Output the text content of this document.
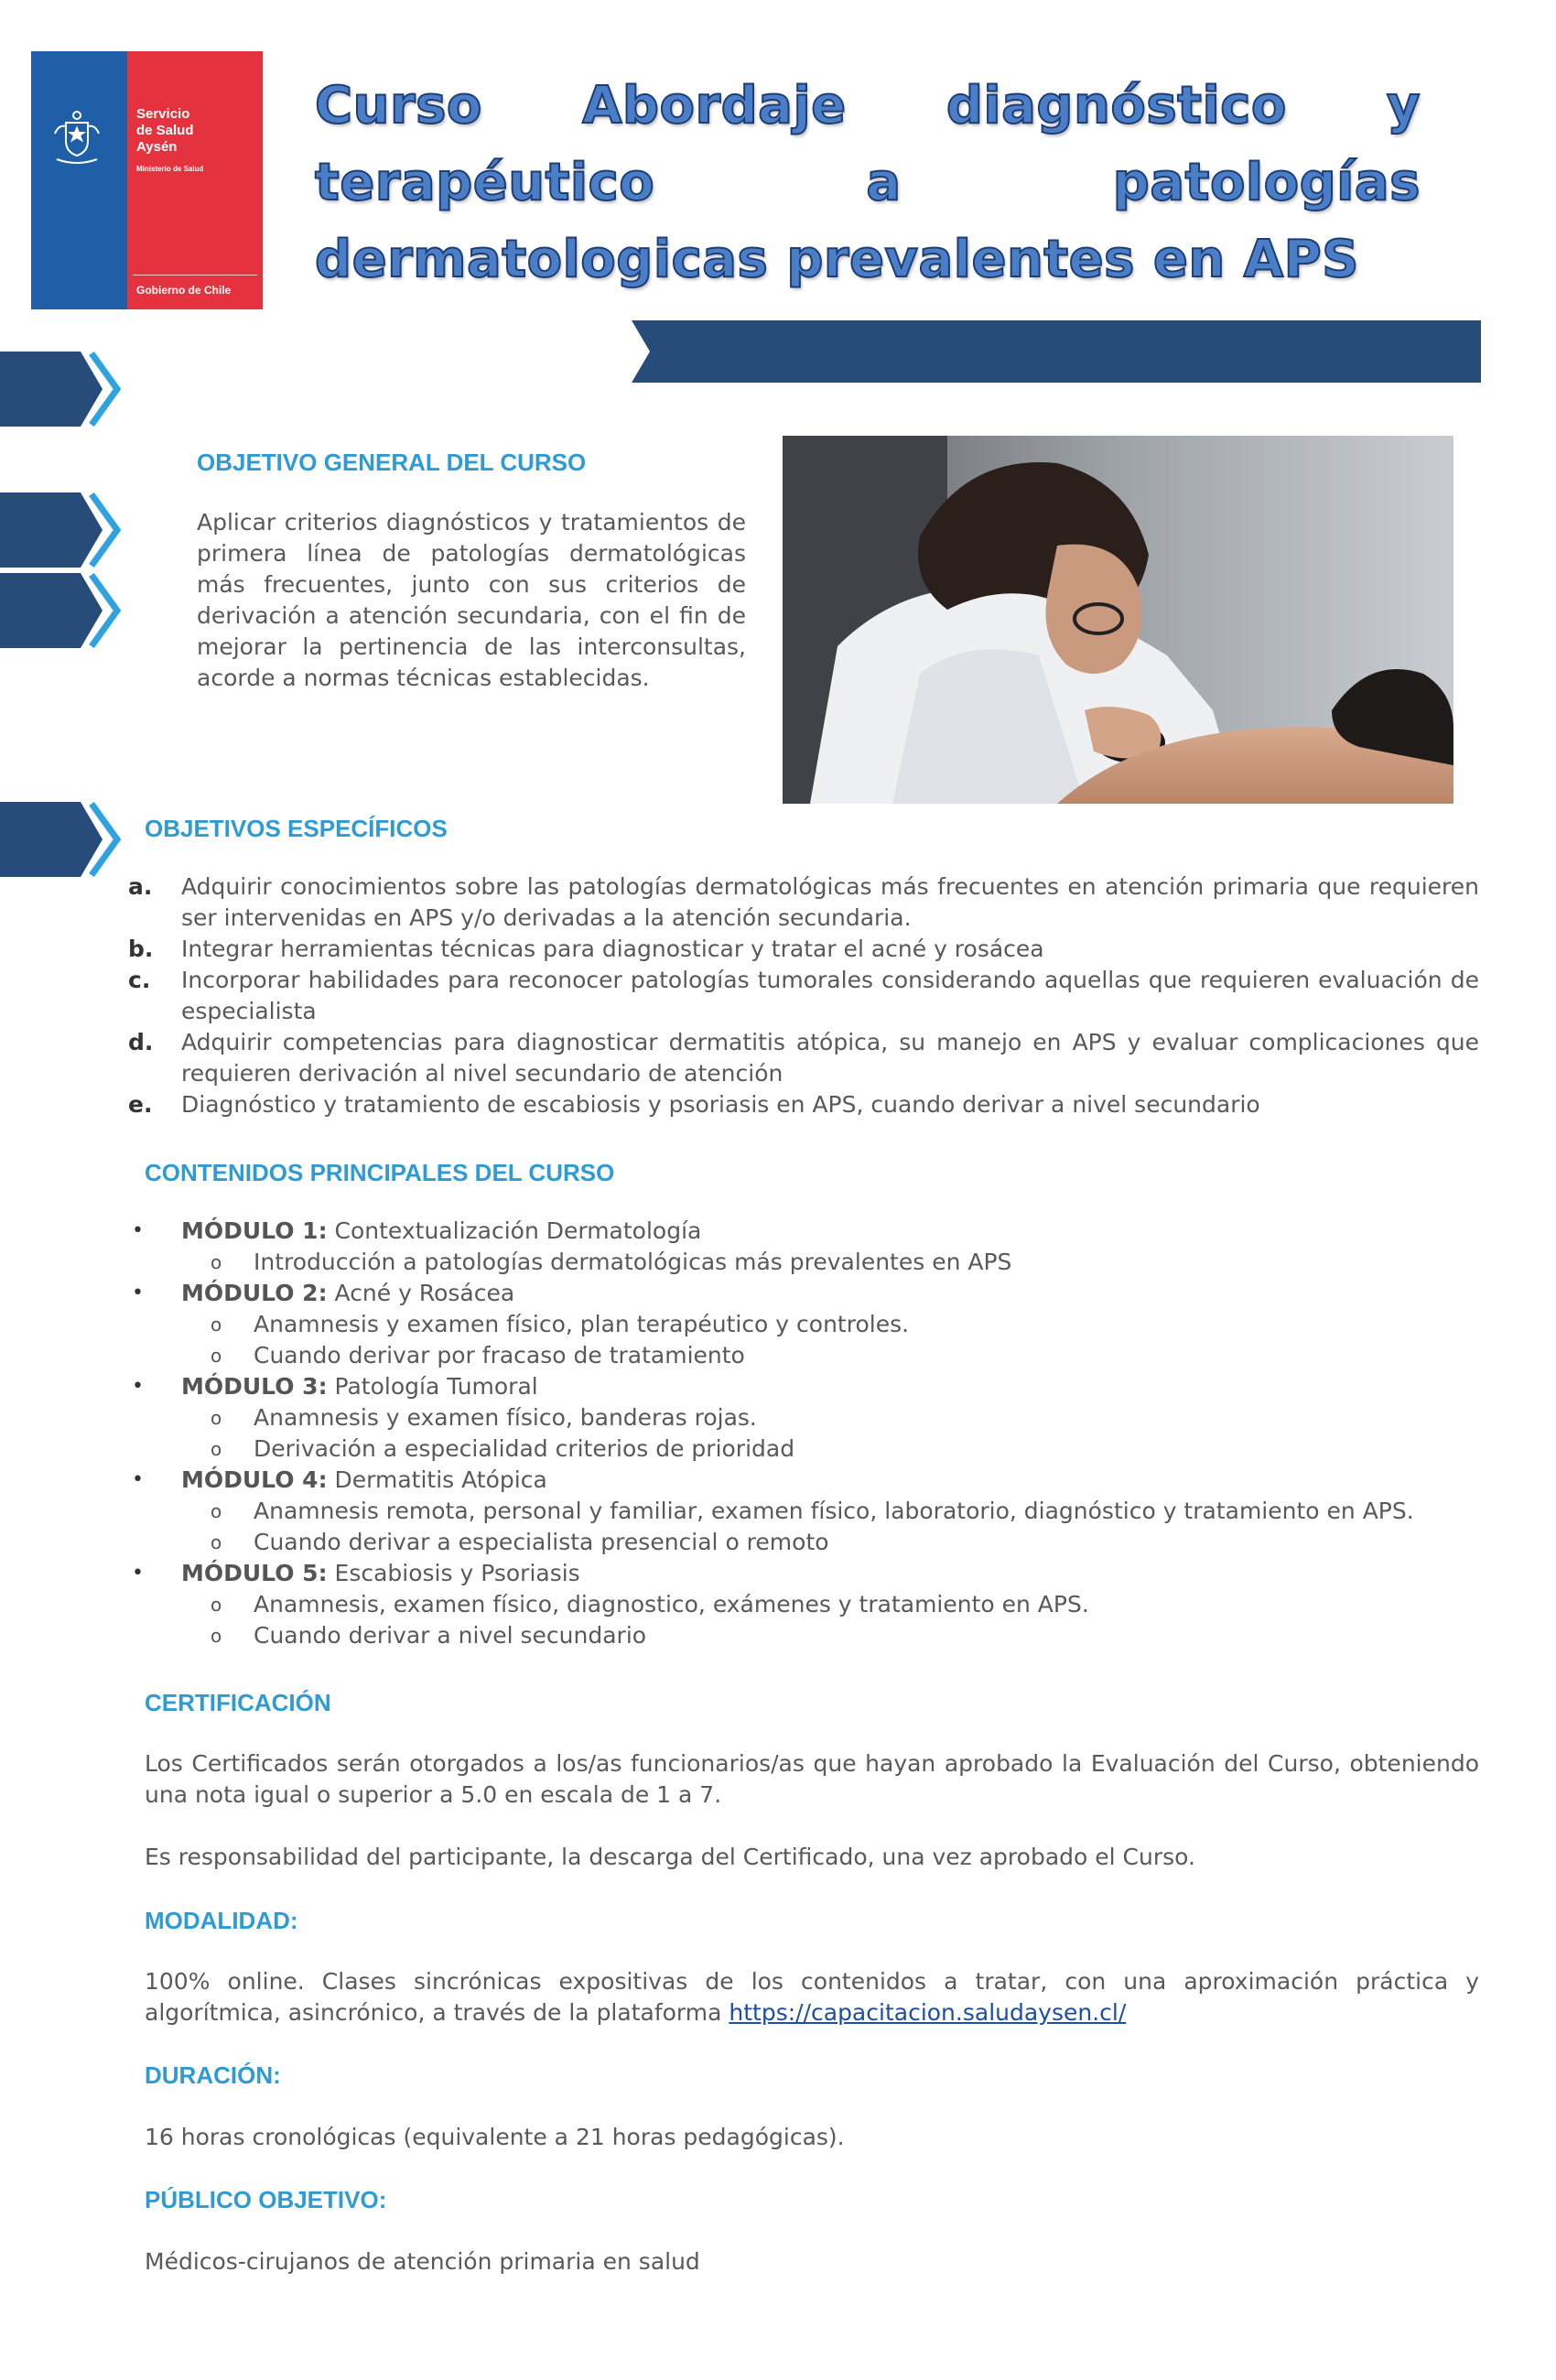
Servicio
de Salud
Aysén
Ministerio de Salud
Gobierno de Chile
Curso Abordaje diagnóstico y terapéutico a patologías dermatologicas prevalentes en APS
OBJETIVO GENERAL DEL CURSO
Aplicar criterios diagnósticos y tratamientos de primera línea de patologías dermatológicas más frecuentes, junto con sus criterios de derivación a atención secundaria, con el fin de mejorar la pertinencia de las interconsultas, acorde a normas técnicas establecidas.
OBJETIVOS ESPECÍFICOS
a. Adquirir conocimientos sobre las patologías dermatológicas más frecuentes en atención primaria que requieren ser intervenidas en APS y/o derivadas a la atención secundaria.
b. Integrar herramientas técnicas para diagnosticar y tratar el acné y rosácea
c. Incorporar habilidades para reconocer patologías tumorales considerando aquellas que requieren evaluación de especialista
d. Adquirir competencias para diagnosticar dermatitis atópica, su manejo en APS y evaluar complicaciones que requieren derivación al nivel secundario de atención
e. Diagnóstico y tratamiento de escabiosis y psoriasis en APS, cuando derivar a nivel secundario
CONTENIDOS PRINCIPALES DEL CURSO
• MÓDULO 1: Contextualización Dermatología
o Introducción a patologías dermatológicas más prevalentes en APS
• MÓDULO 2: Acné y Rosácea
o Anamnesis y examen físico, plan terapéutico y controles.
o Cuando derivar por fracaso de tratamiento
• MÓDULO 3: Patología Tumoral
o Anamnesis y examen físico, banderas rojas.
o Derivación a especialidad criterios de prioridad
• MÓDULO 4: Dermatitis Atópica
o Anamnesis remota, personal y familiar, examen físico, laboratorio, diagnóstico y tratamiento en APS.
o Cuando derivar a especialista presencial o remoto
• MÓDULO 5: Escabiosis y Psoriasis
o Anamnesis, examen físico, diagnostico, exámenes y tratamiento en APS.
o Cuando derivar a nivel secundario
CERTIFICACIÓN
Los Certificados serán otorgados a los/as funcionarios/as que hayan aprobado la Evaluación del Curso, obteniendo una nota igual o superior a 5.0 en escala de 1 a 7.
Es responsabilidad del participante, la descarga del Certificado, una vez aprobado el Curso.
MODALIDAD:
100% online. Clases sincrónicas expositivas de los contenidos a tratar, con una aproximación práctica y algorítmica, asincrónico, a través de la plataforma https://capacitacion.saludaysen.cl/
DURACIÓN:
16 horas cronológicas (equivalente a 21 horas pedagógicas).
PÚBLICO OBJETIVO:
Médicos-cirujanos de atención primaria en salud
